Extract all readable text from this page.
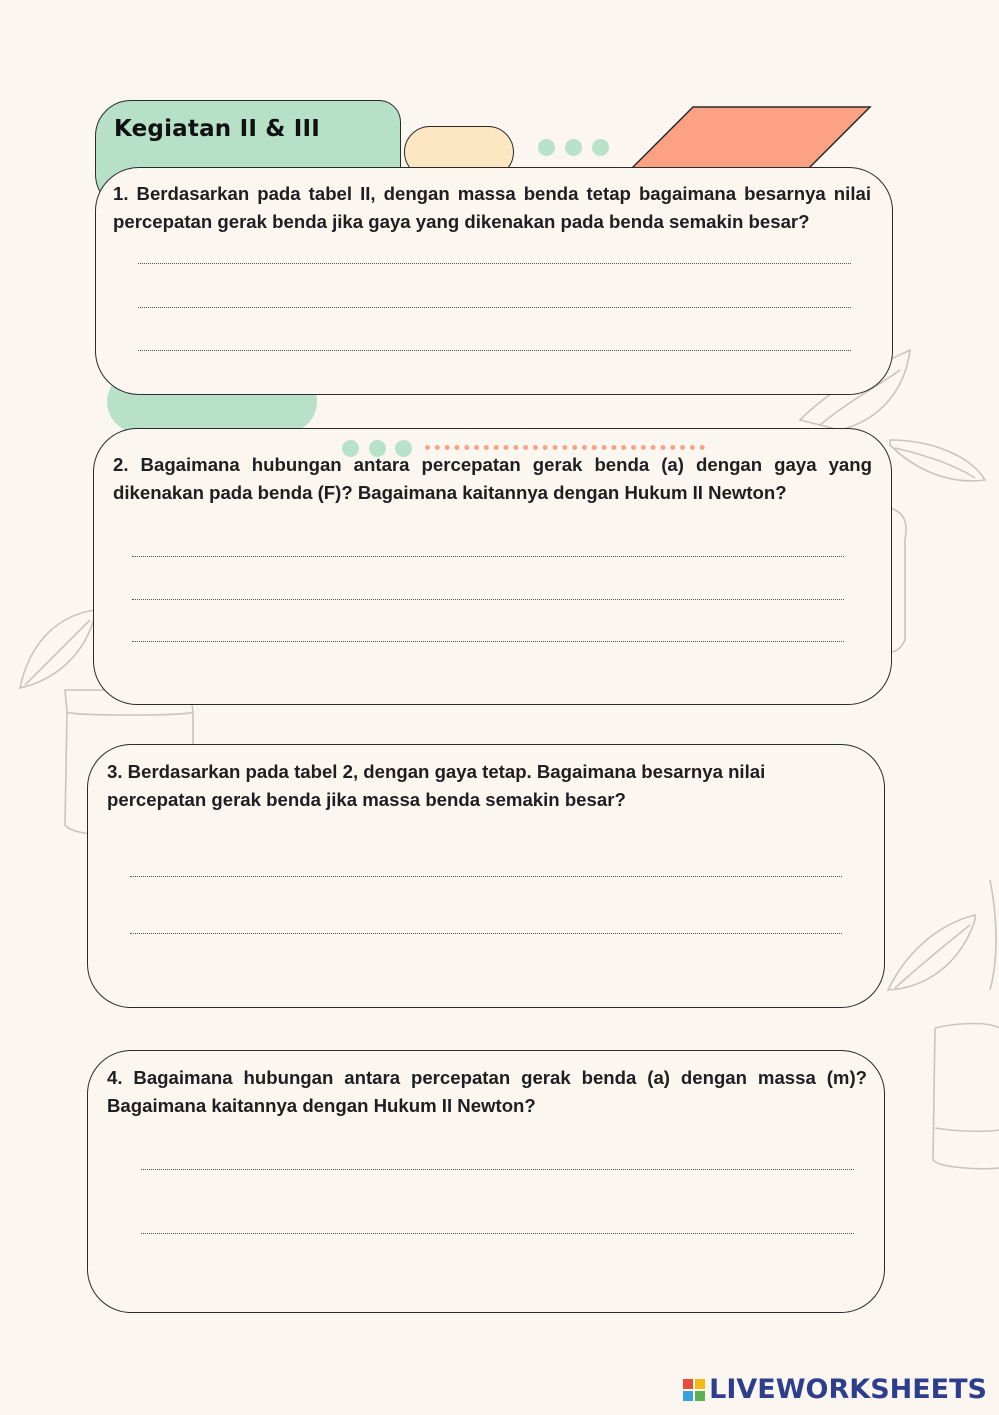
Kegiatan II & III
1. Berdasarkan pada tabel II, dengan massa benda tetap bagaimana besarnya nilai percepatan gerak benda jika gaya yang dikenakan pada benda semakin besar?
2. Bagaimana hubungan antara percepatan gerak benda (a) dengan gaya yang dikenakan pada benda (F)? Bagaimana kaitannya dengan Hukum II Newton?
3. Berdasarkan pada tabel 2, dengan gaya tetap. Bagaimana besarnya nilai percepatan gerak benda jika massa benda semakin besar?
4. Bagaimana hubungan antara percepatan gerak benda (a) dengan massa (m)? Bagaimana kaitannya dengan Hukum II Newton?
LIVEWORKSHEETS
